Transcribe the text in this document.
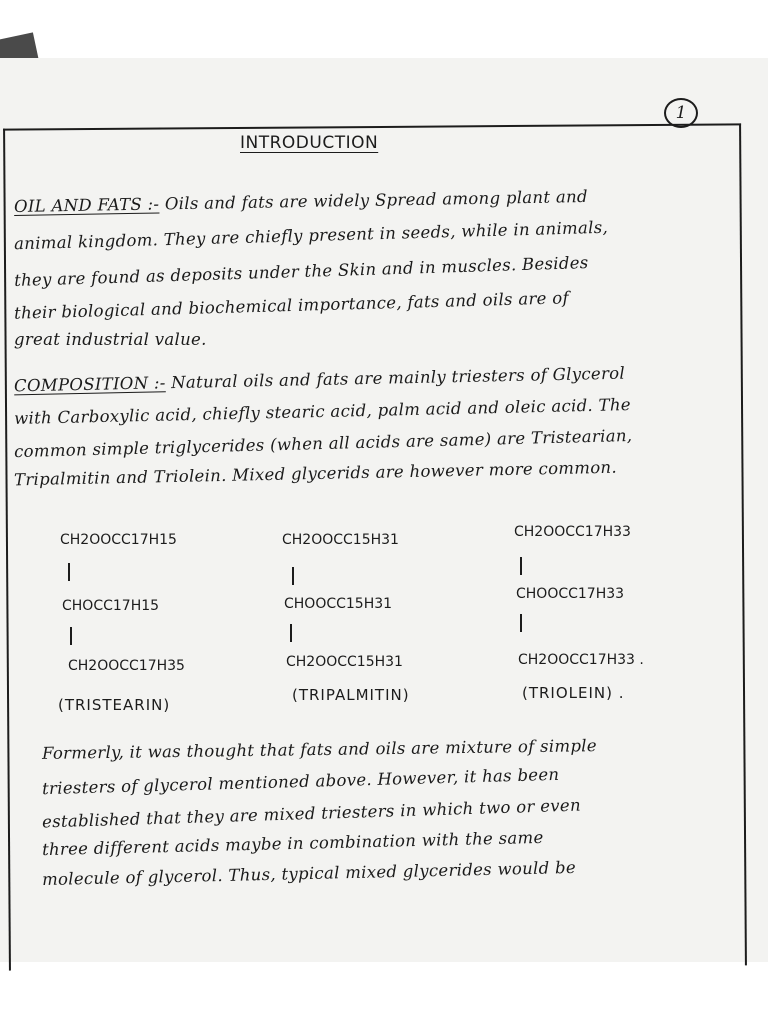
1
INTRODUCTION
OIL AND FATS :- Oils and fats are widely Spread among plant and
animal kingdom. They are chiefly present in seeds, while in animals,
they are found as deposits under the Skin and in muscles. Besides
their biological and biochemical importance, fats and oils are of
great industrial value.
COMPOSITION :- Natural oils and fats are mainly triesters of Glycerol
with Carboxylic acid, chiefly stearic acid, palm acid and oleic acid. The
common simple triglycerides (when all acids are same) are Tristearian,
Tripalmitin and Triolein. Mixed glycerids are however more common.
CH2OOCC17H15
CHOCC17H15
CH2OOCC17H35
(TRISTEARIN)
CH2OOCC15H31
CHOOCC15H31
CH2OOCC15H31
(TRIPALMITIN)
CH2OOCC17H33
CHOOCC17H33
CH2OOCC17H33 .
(TRIOLEIN) .
Formerly, it was thought that fats and oils are mixture of simple
triesters of glycerol mentioned above. However, it has been
established that they are mixed triesters in which two or even
three different acids maybe in combination with the same
molecule of glycerol. Thus, typical mixed glycerides would be
